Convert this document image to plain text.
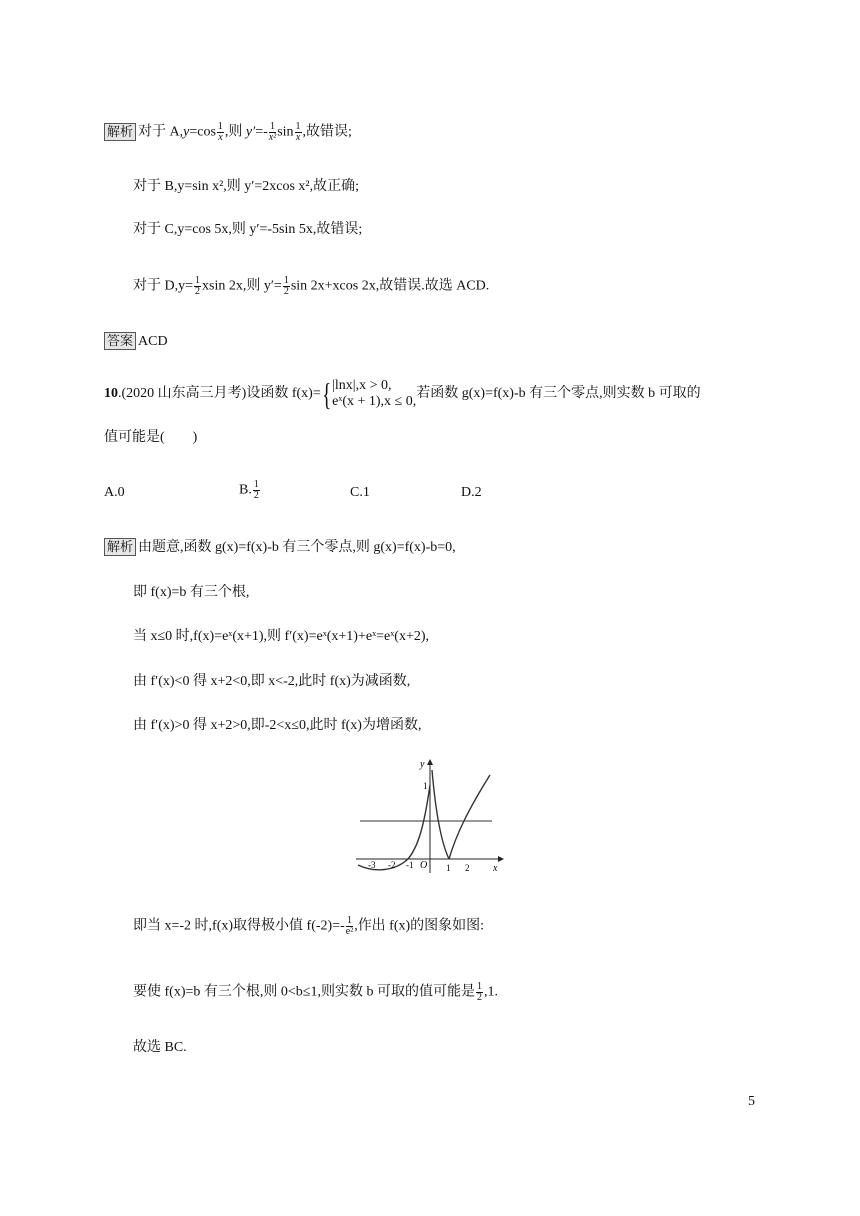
解析 对于 $A,y=\cos \frac{1}{x}$ ,则 $y'=- \frac{1}{\text{x²}}$ $\sin \frac{1}{x}$ ,故错误;
对于 B,y=sin x²,则 y′=2xcos x²,故正确;
对于 C,y=cos 5x,则 y′=-5sin 5x,故错误;
对于 $D,y= \frac{1}{2}$ xsin 2x,则 $y'= \frac{1}{2}$ sin 2x+xcos 2x,故错误.故选 ACD.
答案 ACD
10.(2020 山东高三月考)设函数 f(x)={ |lnx|,x > 0,
eˣ(x + 1),x ≤ 0,
若函数 g(x)=f(x)-b 有三个零点,则实数 b 可取的
值可能是(　　)
A.0	B. $\frac{1}{2}$	C.1	D.2
解析 由题意,函数 g(x)=f(x)-b 有三个零点,则 g(x)=f(x)-b=0,
即 f(x)=b 有三个根,
当 x≤0 时,f(x)=eˣ(x+1),则 f′(x)=eˣ(x+1)+eˣ=eˣ(x+2),
由 f′(x)<0 得 x+2<0,即 x<-2,此时 f(x)为减函数,
由 f′(x)>0 得 x+2>0,即-2<x≤0,此时 f(x)为增函数,
y
x
1
-3 -2 -1 O 1 2
即当 x=-2 时,f(x)取得极小值 $f(-2)=- \frac{1}{\text{e²}}$ ,作出 f(x)的图象如图:
要使 f(x)=b 有三个根,则 0<b≤1,则实数 b 可取的值可能是 $\frac{1}{2} ,1$.
故选 BC.
5
